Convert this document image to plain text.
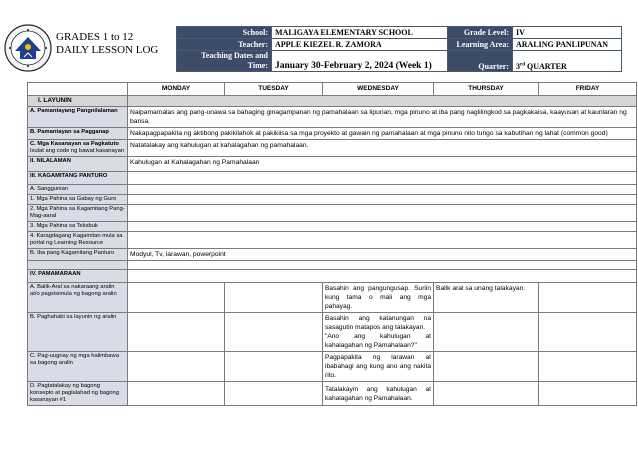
GRADES 1 to 12
DAILY LESSON LOG
School:	MALIGAYA ELEMENTARY SCHOOL	Grade Level:	IV
Teacher:	APPLE KIEZEL R. ZAMORA	Learning Area:	ARALING PANLIPUNAN

Teaching Dates and
Time:	January 30-February 2, 2024 (Week 1)	Quarter:	3rd QUARTER
	MONDAY	TUESDAY	WEDNESDAY	THURSDAY	FRIDAY
I. LAYUNIN					
A. Pamantayang Pangnilalaman	Naipamamalas ang pang-unawa sa bahaging ginagampanan ng pamahalaan sa lipunan, mga pinuno at iba pang naglilingkod sa pagkakaisa, kaayusan at kaunlaran ng bansa.				
B. Pamantayan sa Pagganap	Nakapagpapakita ng aktibong pakikilahok at pakikiisa sa mga proyekto at gawain ng pamahalaan at mga pinuno nito tungo sa kabutihan ng lahat (common good)				
C. Mga Kasanayan sa Pagkatuto
Isulat ang code ng bawat kasanayan	Natatalakay ang kahulugan at kahalagahan ng pamahalaan.				
II. NILALAMAN	Kahulugan at Kahalagahan ng Pamahalaan				
III. KAGAMITANG PANTURO					
A. Sanggunian					
1. Mga Pahina sa Gabay ng Guro					
2. Mga Pahina sa Kagamitang Pang- Mag-aaral					
3. Mga Pahina sa Teksbuk					
4. Karagdagang Kagamitan mula sa portal ng Learning Resource					
B. Iba pang Kagamitang Panturo	Modyul, Tv, larawan, powerpoint				

IV. PAMAMARAAN					
A. Balik-Aral sa nakaraang aralin at/o pagsisimula ng bagong aralin			Basahin ang pangungusap. Suriin kung tama o mali ang mga pahayag.	Balik aral sa unang talakayan.	
B. Paghahabi sa layunin ng aralin			Basahin ang katanungan na sasagutin matapos ang talakayan.
"Ano ang kahulugan at kahalagahan ng Pamahalaan?"		

C. Pag-uugnay ng mga halimbawa sa bagong aralin			Pagpapakita ng larawan at ibabahagi ang kung ano ang nakita rito.		
D. Pagtatalakay ng bagong konsepto at paglalahad ng bagong kasanayan #1			Tatalakayin ang kahulugan at kahalagahan ng Pamahalaan.		
